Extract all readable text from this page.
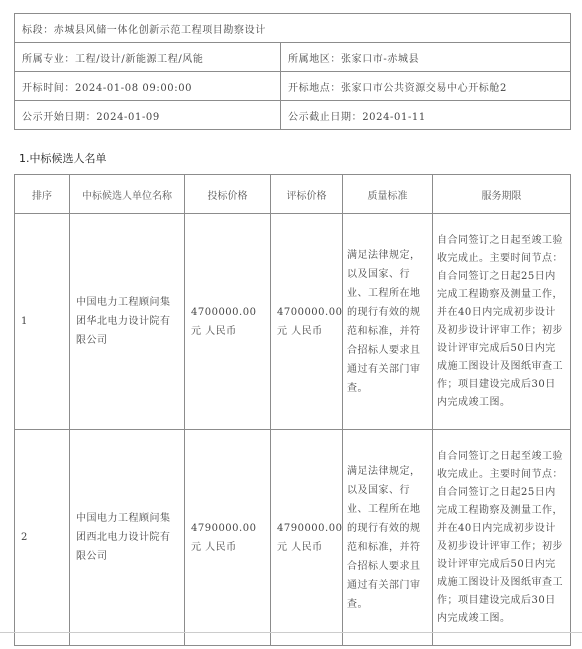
标段：赤城县风储一体化创新示范工程项目勘察设计	
所属专业：工程/设计/新能源工程/风能	所属地区：张家口市-赤城县
开标时间：2024-01-08 09:00:00	开标地点：张家口市公共资源交易中心开标舱2
公示开始日期：2024-01-09	公示截止日期：2024-01-11
1.中标候选人名单
排序	中标候选人单位名称	投标价格	评标价格	质量标准	服务期限
1	中国电力工程顾问集团华北电力设计院有限公司	4700000.00元 人民币	4700000.00元 人民币	满足法律规定，以及国家、行业、工程所在地的现行有效的规范和标准，并符合招标人要求且通过有关部门审查。	自合同签订之日起至竣工验收完成止。主要时间节点：自合同签订之日起25日内完成工程勘察及测量工作，并在40日内完成初步设计及初步设计评审工作；初步设计评审完成后50日内完成施工图设计及图纸审查工作；项目建设完成后30日内完成竣工图。
2	中国电力工程顾问集团西北电力设计院有限公司	4790000.00元 人民币	4790000.00元 人民币	满足法律规定，以及国家、行业、工程所在地的现行有效的规范和标准，并符合招标人要求且通过有关部门审查。	自合同签订之日起至竣工验收完成止。主要时间节点：自合同签订之日起25日内完成工程勘察及测量工作，并在40日内完成初步设计及初步设计评审工作；初步设计评审完成后50日内完成施工图设计及图纸审查工作；项目建设完成后30日内完成竣工图。
